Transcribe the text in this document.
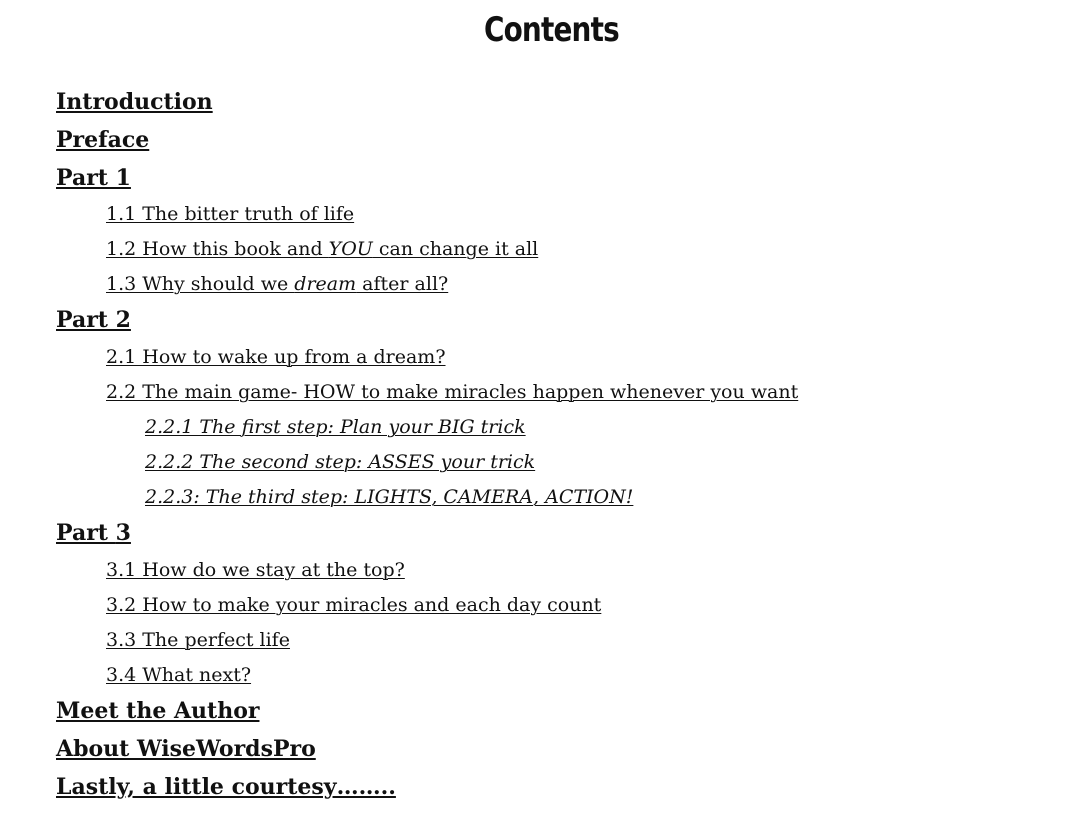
Contents
Introduction
Preface
Part 1
1.1 The bitter truth of life
1.2 How this book and YOU can change it all
1.3 Why should we dream after all?
Part 2
2.1 How to wake up from a dream?
2.2 The main game- HOW to make miracles happen whenever you want
2.2.1 The first step: Plan your BIG trick
2.2.2 The second step: ASSES your trick
2.2.3: The third step: LIGHTS, CAMERA, ACTION!
Part 3
3.1 How do we stay at the top?
3.2 How to make your miracles and each day count
3.3 The perfect life
3.4 What next?
Meet the Author
About WiseWordsPro
Lastly, a little courtesy……..
